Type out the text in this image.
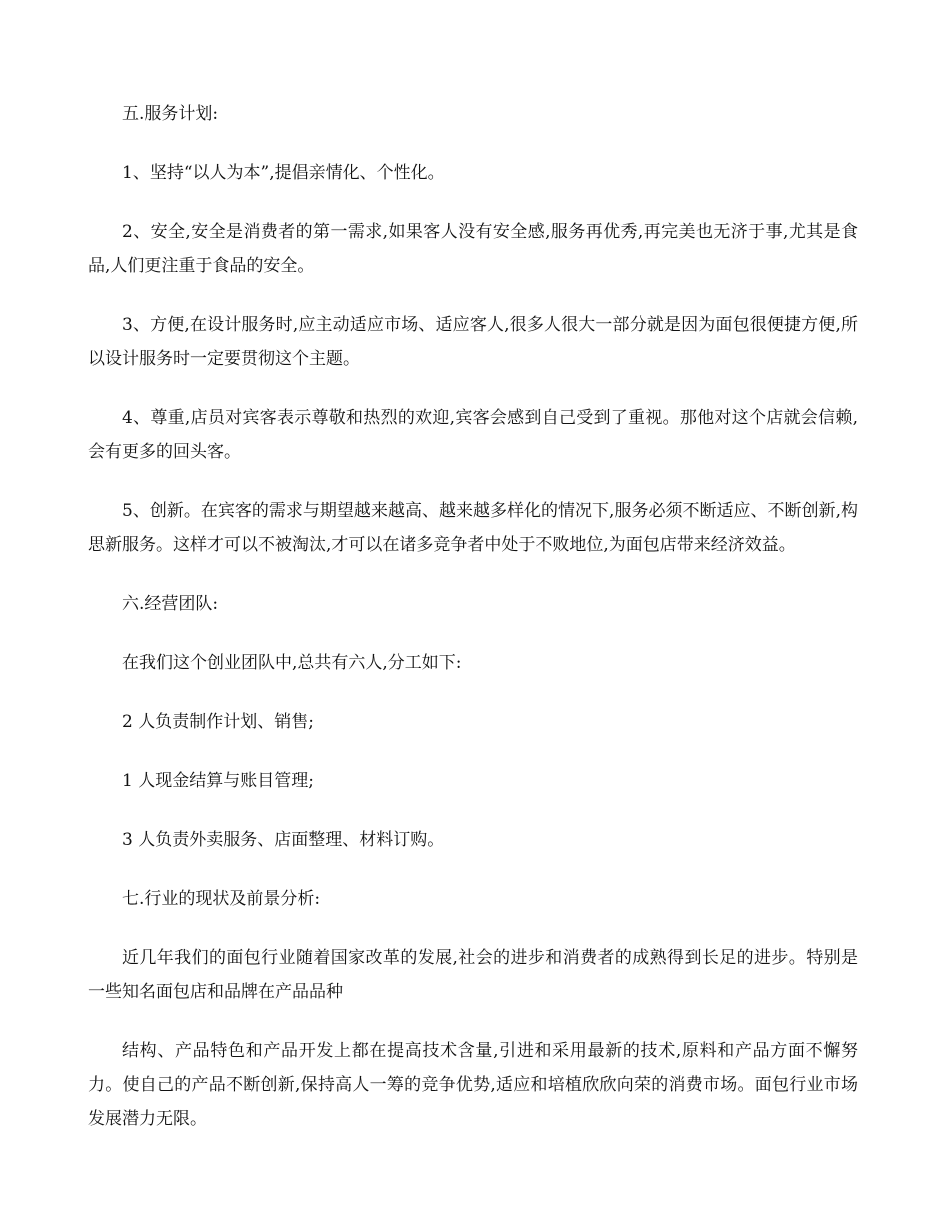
五.服务计划:

1、坚持“以人为本”,提倡亲情化、个性化。

2、安全,安全是消费者的第一需求,如果客人没有安全感,服务再优秀,再完美也无济于事,尤其是食品,人们更注重于食品的安全。

3、方便,在设计服务时,应主动适应市场、适应客人,很多人很大一部分就是因为面包很便捷方便,所以设计服务时一定要贯彻这个主题。

4、尊重,店员对宾客表示尊敬和热烈的欢迎,宾客会感到自己受到了重视。那他对这个店就会信赖,会有更多的回头客。

5、创新。在宾客的需求与期望越来越高、越来越多样化的情况下,服务必须不断适应、不断创新,构思新服务。这样才可以不被淘汰,才可以在诸多竞争者中处于不败地位,为面包店带来经济效益。

六.经营团队:

在我们这个创业团队中,总共有六人,分工如下:

2 人负责制作计划、销售;

1 人现金结算与账目管理;

3 人负责外卖服务、店面整理、材料订购。

七.行业的现状及前景分析:

近几年我们的面包行业随着国家改革的发展,社会的进步和消费者的成熟得到长足的进步。特别是一些知名面包店和品牌在产品品种

结构、产品特色和产品开发上都在提高技术含量,引进和采用最新的技术,原料和产品方面不懈努力。使自己的产品不断创新,保持高人一筹的竞争优势,适应和培植欣欣向荣的消费市场。面包行业市场发展潜力无限。
